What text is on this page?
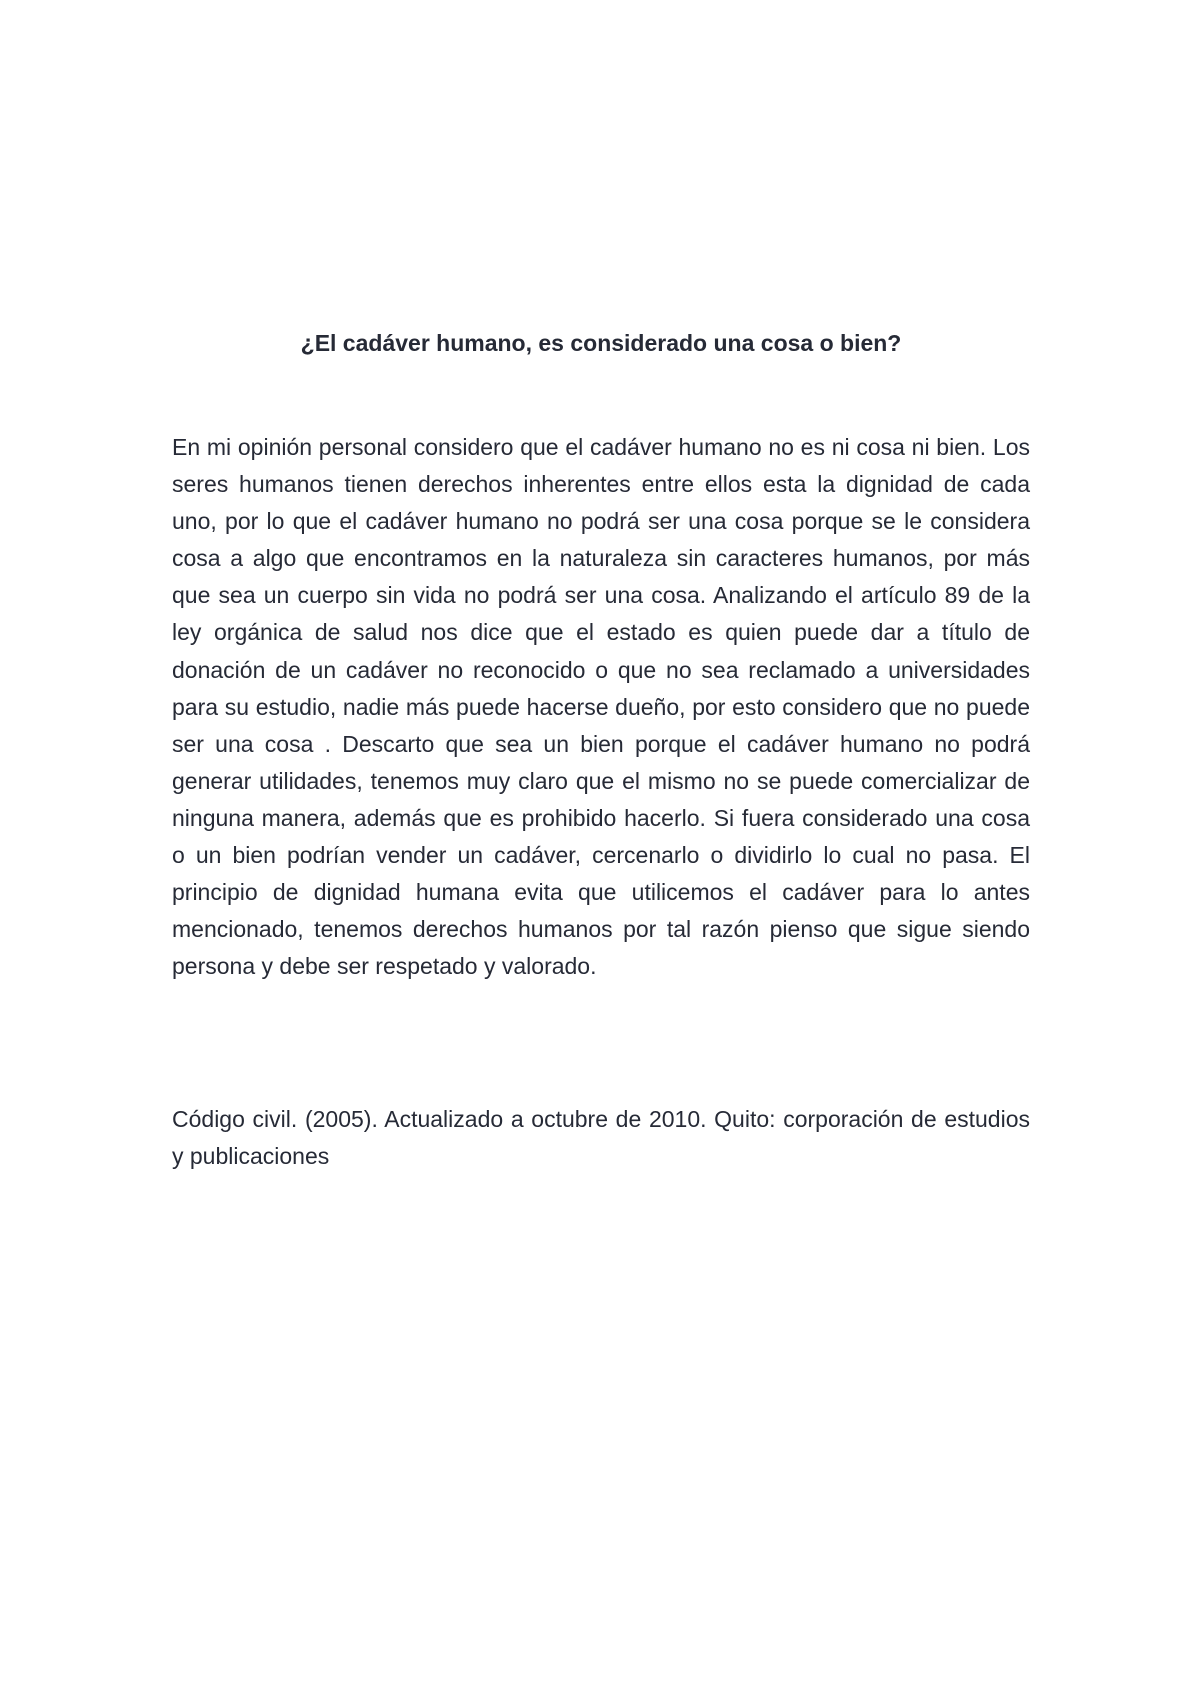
¿El cadáver humano, es considerado una cosa o bien?

En mi opinión personal considero que el cadáver humano no es ni cosa ni bien. Los seres humanos tienen derechos inherentes entre ellos esta la dignidad de cada uno, por lo que el cadáver humano no podrá ser una cosa porque se le considera cosa a algo que encontramos en la naturaleza sin caracteres humanos, por más que sea un cuerpo sin vida no podrá ser una cosa. Analizando el artículo 89 de la ley orgánica de salud nos dice que el estado es quien puede dar a título de donación de un cadáver no reconocido o que no sea reclamado a universidades para su estudio, nadie más puede hacerse dueño, por esto considero que no puede ser una cosa . Descarto que sea un bien porque el cadáver humano no podrá generar utilidades, tenemos muy claro que el mismo no se puede comercializar de ninguna manera, además que es prohibido hacerlo. Si fuera considerado una cosa o un bien podrían vender un cadáver, cercenarlo o dividirlo lo cual no pasa. El principio de dignidad humana evita que utilicemos el cadáver para lo antes mencionado, tenemos derechos humanos por tal razón pienso que sigue siendo persona y debe ser respetado y valorado.

Código civil. (2005). Actualizado a octubre de 2010. Quito: corporación de estudios y publicaciones
